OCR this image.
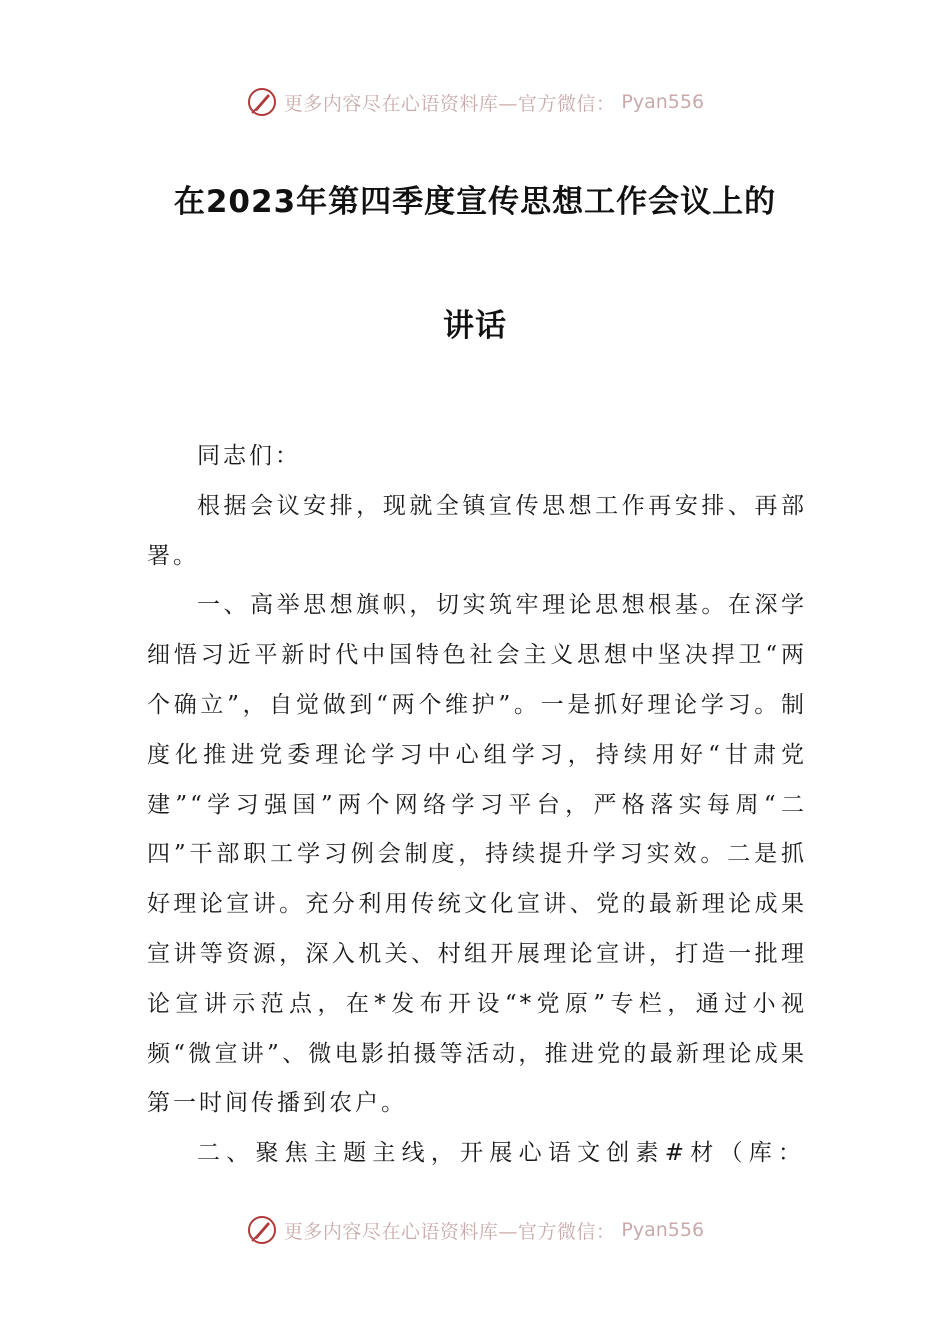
更多内容尽在心语资料库—官方微信： Pyan556
在2023年第四季度宣传思想工作会议上的
讲话

同志们：

根据会议安排，现就全镇宣传思想工作再安排、再部署。

一、高举思想旗帜，切实筑牢理论思想根基。在深学细悟习近平新时代中国特色社会主义思想中坚决捍卫“两个确立”，自觉做到“两个维护”。一是抓好理论学习。制度化推进党委理论学习中心组学习，持续用好“甘肃党建”“学习强国”两个网络学习平台，严格落实每周“二四”干部职工学习例会制度，持续提升学习实效。二是抓好理论宣讲。充分利用传统文化宣讲、党的最新理论成果宣讲等资源，深入机关、村组开展理论宣讲，打造一批理论宣讲示范点，在*发布开设“*党原”专栏，通过小视频“微宣讲”、微电影拍摄等活动，推进党的最新理论成果第一时间传播到农户。

二、聚焦主题主线，开展心语文创素#材（库：

更多内容尽在心语资料库—官方微信： Pyan556
